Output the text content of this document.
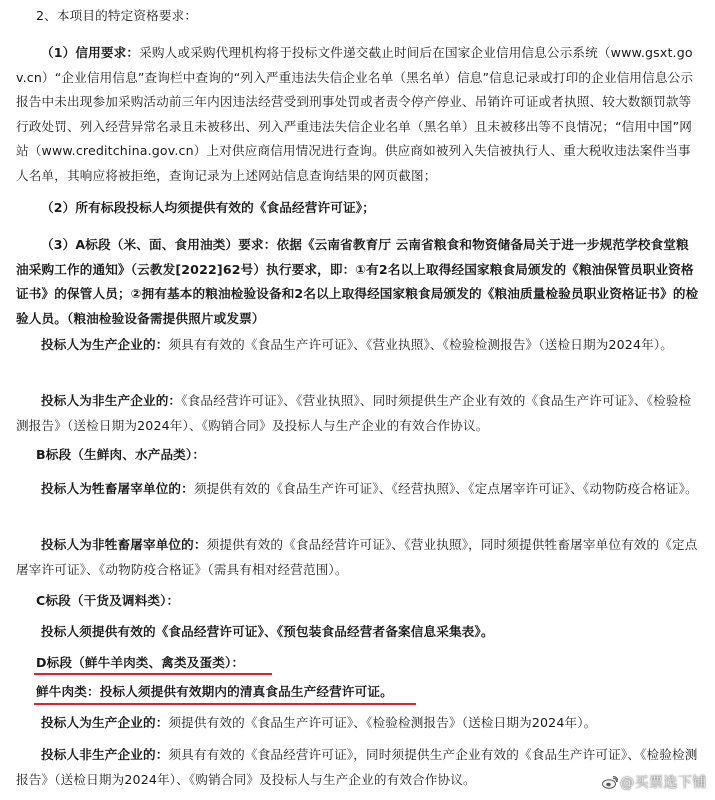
2、本项目的特定资格要求：

（1）信用要求：采购人或采购代理机构将于投标文件递交截止时间后在国家企业信用信息公示系统（www.gsxt.gov.cn）“企业信用信息”查询栏中查询的“列入严重违法失信企业名单（黑名单）信息”信息记录或打印的企业信用信息公示报告中未出现参加采购活动前三年内因违法经营受到刑事处罚或者责令停产停业、吊销许可证或者执照、较大数额罚款等行政处罚、列入经营异常名录且未被移出、列入严重违法失信企业名单（黑名单）且未被移出等不良情况；“信用中国”网站（www.creditchina.gov.cn）上对供应商信用情况进行查询。供应商如被列入失信被执行人、重大税收违法案件当事人名单，其响应将被拒绝，查询记录为上述网站信息查询结果的网页截图；

（2）所有标段投标人均须提供有效的《食品经营许可证》；

（3）A标段（米、面、食用油类）要求：依据《云南省教育厅 云南省粮食和物资储备局关于进一步规范学校食堂粮油采购工作的通知》（云教发[2022]62号）执行要求，即：①有2名以上取得经国家粮食局颁发的《粮油保管员职业资格证书》的保管人员；②拥有基本的粮油检验设备和2名以上取得经国家粮食局颁发的《粮油质量检验员职业资格证书》的检验人员。（粮油检验设备需提供照片或发票）

投标人为生产企业的：须具有有效的《食品生产许可证》、《营业执照》、《检验检测报告》（送检日期为2024年）。

投标人为非生产企业的：《食品经营许可证》、《营业执照》、同时须提供生产企业有效的《食品生产许可证》、《检验检测报告》（送检日期为2024年）、《购销合同》及投标人与生产企业的有效合作协议。

B标段（生鲜肉、水产品类）：

投标人为牲畜屠宰单位的：须提供有效的《食品生产许可证》、《经营执照》、《定点屠宰许可证》、《动物防疫合格证》。

投标人为非牲畜屠宰单位的：须提供有效的《食品经营许可证》、《营业执照》，同时须提供牲畜屠宰单位有效的《定点屠宰许可证》、《动物防疫合格证》（需具有相对经营范围）。

C标段（干货及调料类）：

投标人须提供有效的《食品经营许可证》、《预包装食品经营者备案信息采集表》。

D标段（鲜牛羊肉类、禽类及蛋类）：

鲜牛肉类：投标人须提供有效期内的清真食品生产经营许可证。

投标人为生产企业的：须提供有效的《食品生产许可证》、《检验检测报告》（送检日期为2024年）。

投标人非生产企业的：须具有有效的《食品经营许可证》，同时须提供生产企业有效的《食品生产许可证》、《检验检测报告》（送检日期为2024年）、《购销合同》及投标人与生产企业的有效合作协议。	@买票选下铺
